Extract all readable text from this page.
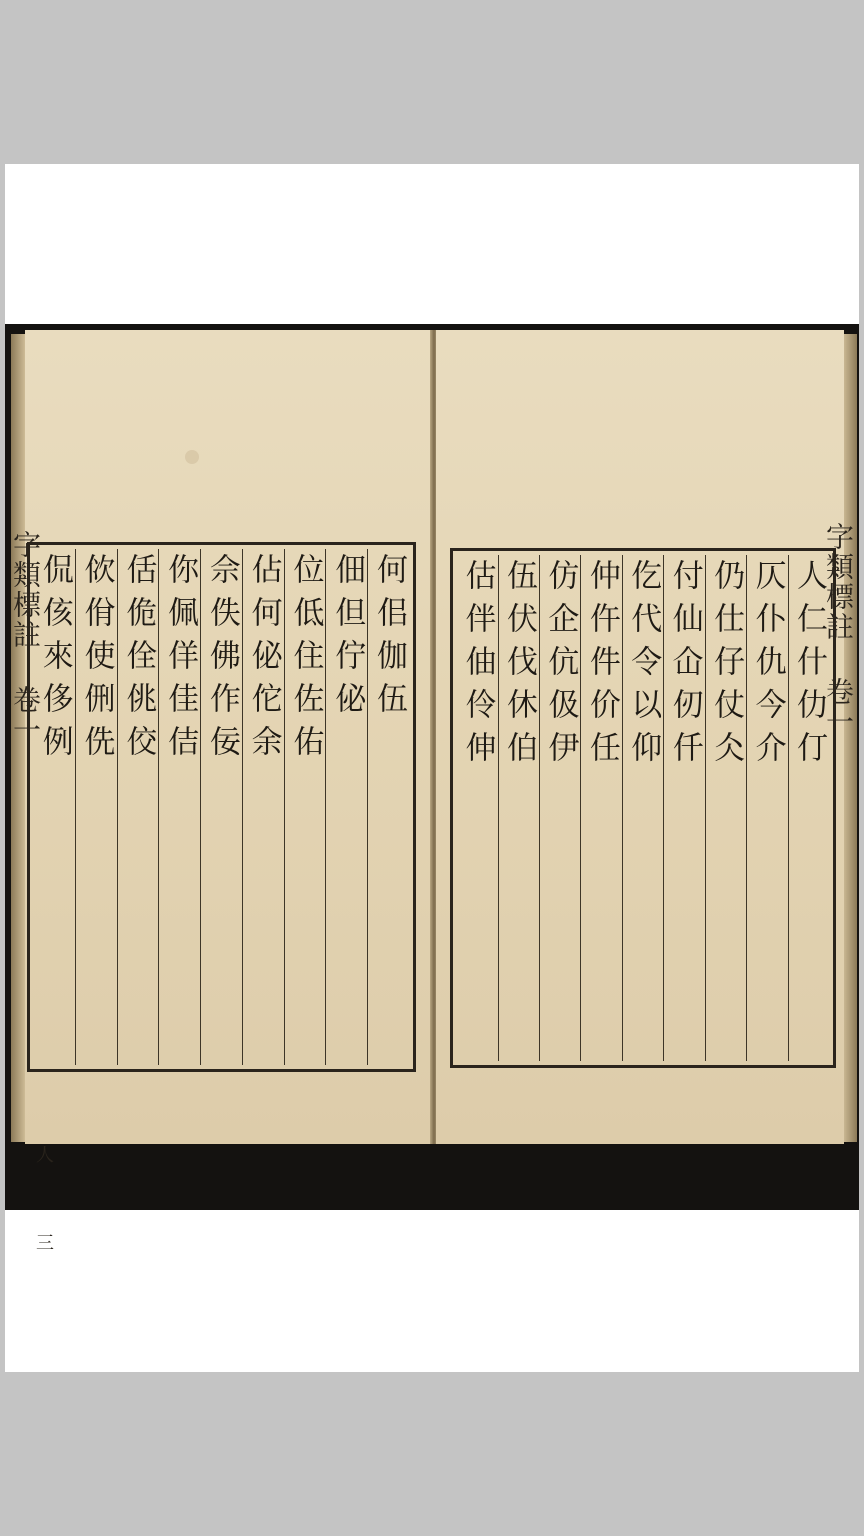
字類標註 卷一	何佀伽伍
佃但佇佖
位低住佐佑
佔何佖佗余
佘佚佛作佞
你佩佯佳佶
佸佹佺佻佼
佽佾使侀侁
侃侅來侈例
人
三
字類標註 卷一
人仁什仂仃
仄仆仇今介
仍仕仔仗仌
付仙仚仞仟
仡代令以仰
仲仵件价任
仿企伉伋伊
伍伏伐休伯
估伴伷伶伸
